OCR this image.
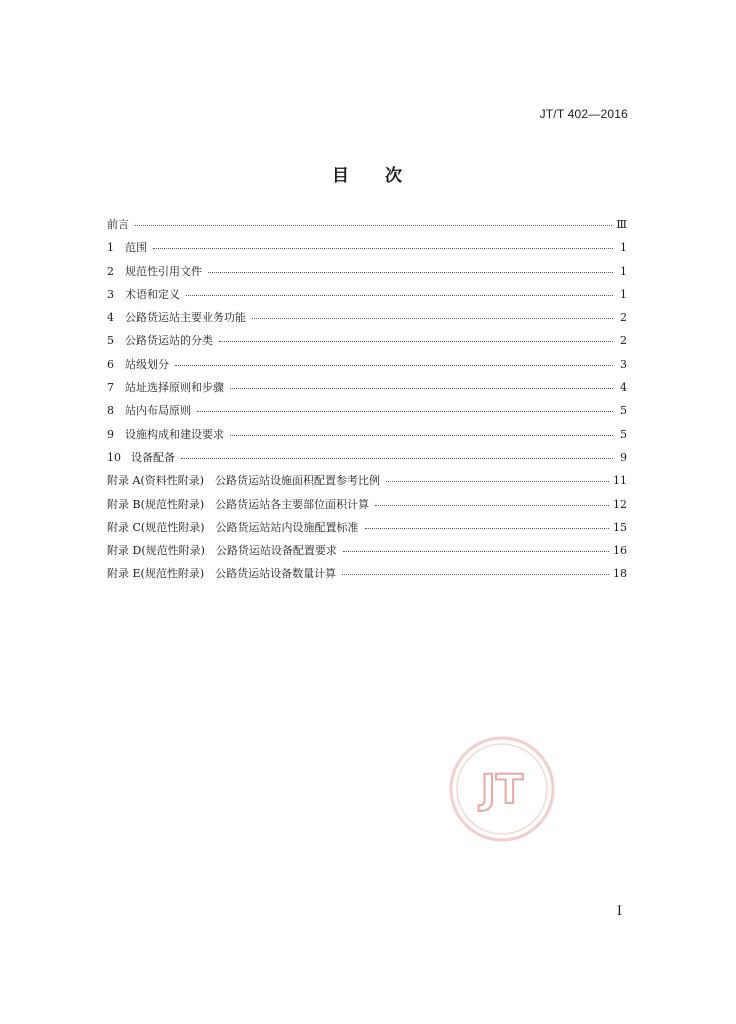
JT/T 402—2016
目 次
前言	Ⅲ
1	范围	1
2	规范性引用文件	1
3	术语和定义	1
4	公路货运站主要业务功能	2
5	公路货运站的分类	2
6	站级划分	3
7	站址选择原则和步骤	4
8	站内布局原则	5
9	设施构成和建设要求	5
10 设备配备	9
附录 A(资料性附录)　公路货运站设施面积配置参考比例	11
附录 B(规范性附录)　公路货运站各主要部位面积计算	12
附录 C(规范性附录)　公路货运站站内设施配置标准	15
附录 D(规范性附录)　公路货运站设备配置要求	16
附录 E(规范性附录)　公路货运站设备数量计算	18
JT
Ⅰ
